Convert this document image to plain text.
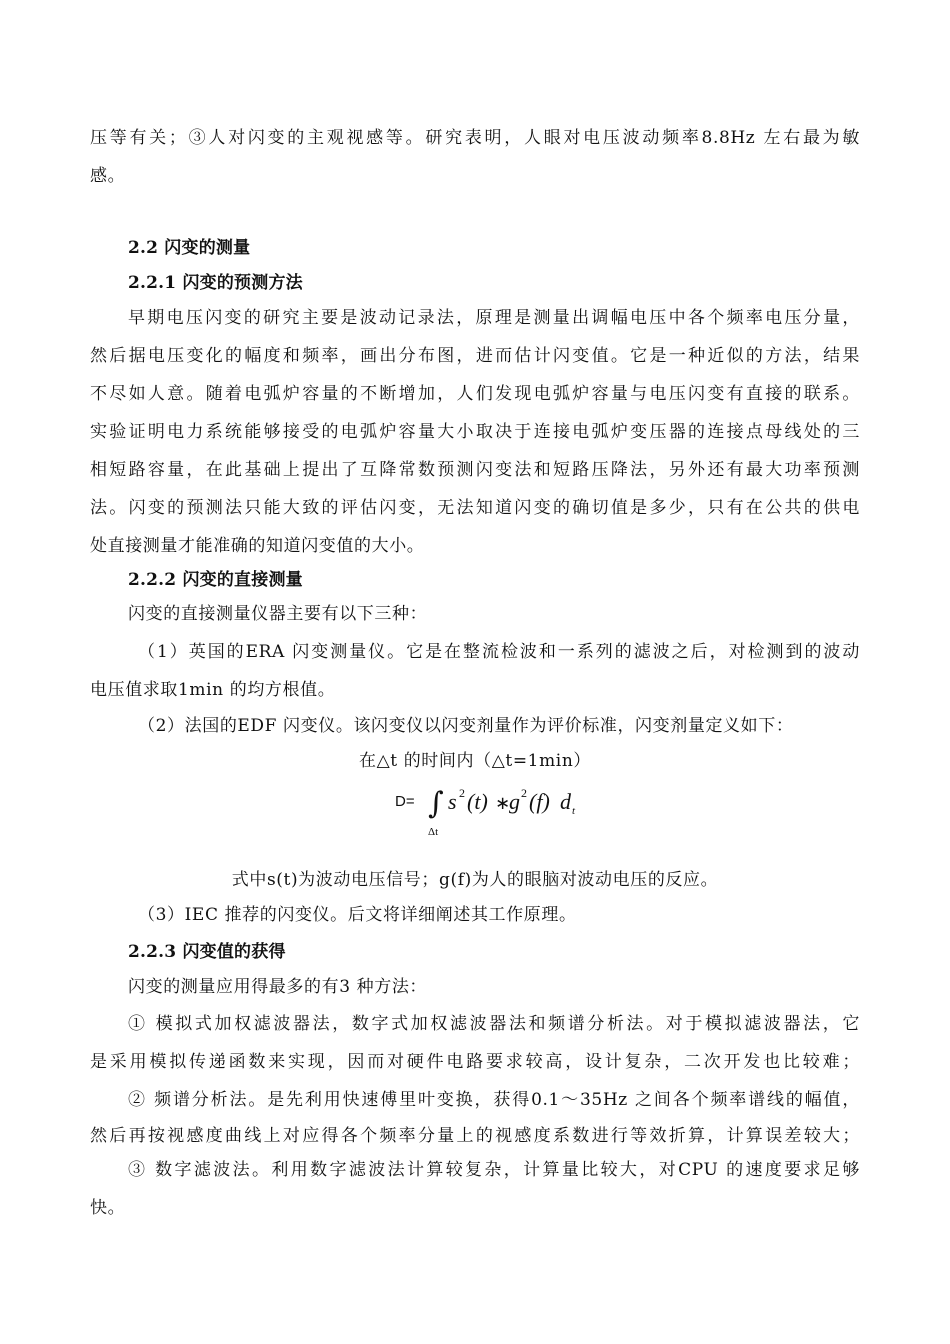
压等有关；③人对闪变的主观视感等。研究表明，人眼对电压波动频率8.8Hz 左右最为敏
感。
2.2 闪变的测量
2.2.1 闪变的预测方法
早期电压闪变的研究主要是波动记录法，原理是测量出调幅电压中各个频率电压分量，
然后据电压变化的幅度和频率，画出分布图，进而估计闪变值。它是一种近似的方法，结果
不尽如人意。随着电弧炉容量的不断增加，人们发现电弧炉容量与电压闪变有直接的联系。
实验证明电力系统能够接受的电弧炉容量大小取决于连接电弧炉变压器的连接点母线处的三
相短路容量，在此基础上提出了互降常数预测闪变法和短路压降法，另外还有最大功率预测
法。闪变的预测法只能大致的评估闪变，无法知道闪变的确切值是多少，只有在公共的供电
处直接测量才能准确的知道闪变值的大小。
2.2.2 闪变的直接测量
闪变的直接测量仪器主要有以下三种：
（1）英国的ERA 闪变测量仪。它是在整流检波和一系列的滤波之后，对检测到的波动
电压值求取1min 的均方根值。
（2）法国的EDF 闪变仪。该闪变仪以闪变剂量作为评价标准，闪变剂量定义如下：
在△t 的时间内（△t=1min）
D= ∫
Δt
s 2 (t) ∗
g 2 (f) d t
式中s(t)为波动电压信号；g(f)为人的眼脑对波动电压的反应。
（3）IEC 推荐的闪变仪。后文将详细阐述其工作原理。
2.2.3 闪变值的获得
闪变的测量应用得最多的有3 种方法：
① 模拟式加权滤波器法，数字式加权滤波器法和频谱分析法。对于模拟滤波器法，它
是采用模拟传递函数来实现，因而对硬件电路要求较高，设计复杂，二次开发也比较难；
② 频谱分析法。是先利用快速傅里叶变换，获得0.1～35Hz 之间各个频率谱线的幅值，
然后再按视感度曲线上对应得各个频率分量上的视感度系数进行等效折算，计算误差较大；
③ 数字滤波法。利用数字滤波法计算较复杂，计算量比较大，对CPU 的速度要求足够
快。
